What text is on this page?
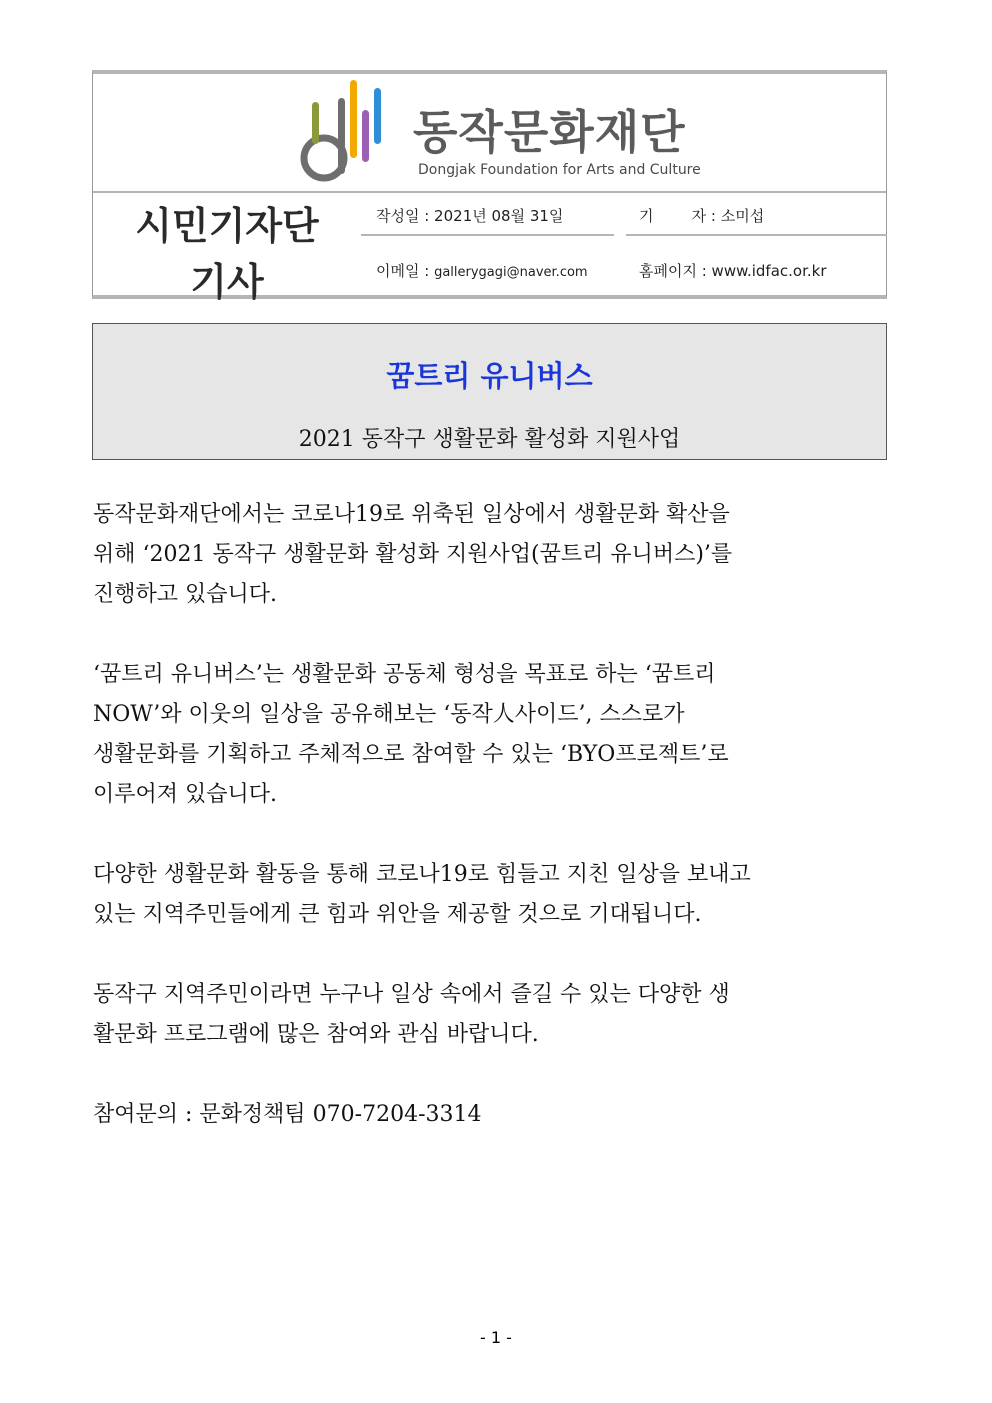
동작문화재단
Dongjak Foundation for Arts and Culture
시민기자단
기사
작성일 : 2021년 08월 31일	기        자 : 소미섭
이메일 : gallerygagi@naver.com	홈페이지 : www.idfac.or.kr
꿈트리 유니버스
2021 동작구 생활문화 활성화 지원사업
동작문화재단에서는 코로나19로 위축된 일상에서 생활문화 확산을
위해 ‘2021 동작구 생활문화 활성화 지원사업(꿈트리 유니버스)’를
진행하고 있습니다.
‘꿈트리 유니버스’는 생활문화 공동체 형성을 목표로 하는 ‘꿈트리
NOW’와 이웃의 일상을 공유해보는 ‘동작人사이드’, 스스로가
생활문화를 기획하고 주체적으로 참여할 수 있는 ‘BYO프로젝트’로
이루어져 있습니다.
다양한 생활문화 활동을 통해 코로나19로 힘들고 지친 일상을 보내고
있는 지역주민들에게 큰 힘과 위안을 제공할 것으로 기대됩니다.
동작구 지역주민이라면 누구나 일상 속에서 즐길 수 있는 다양한 생
활문화 프로그램에 많은 참여와 관심 바랍니다.
참여문의 : 문화정책팀 070-7204-3314
- 1 -
